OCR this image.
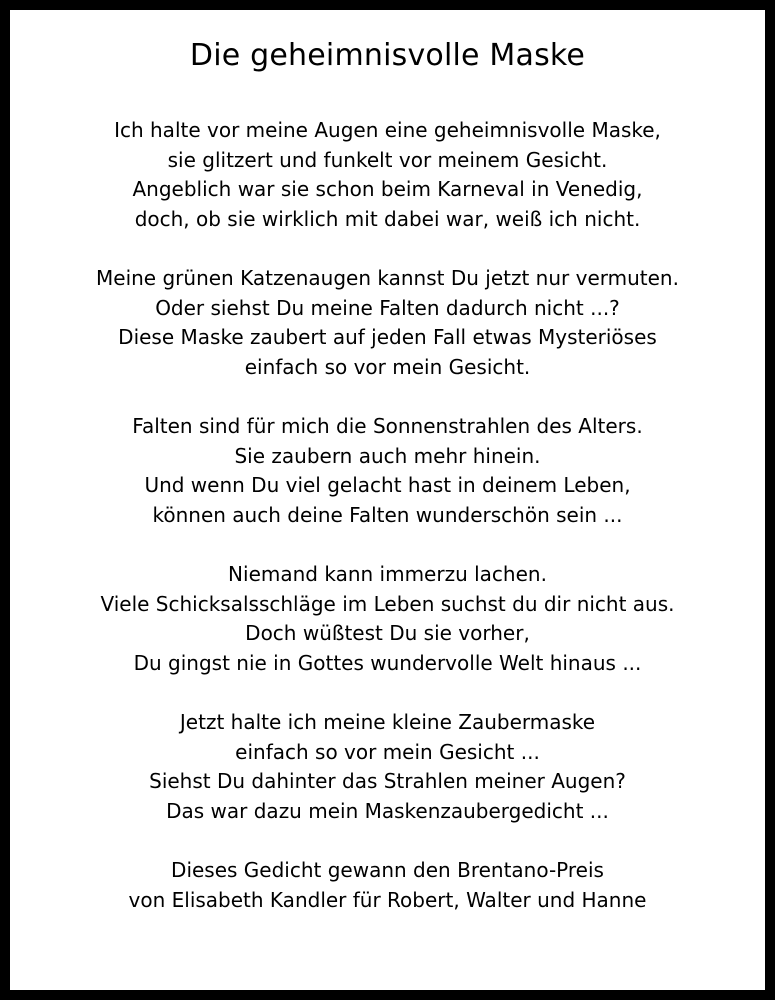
Die geheimnisvolle Maske
Ich halte vor meine Augen eine geheimnisvolle Maske,
sie glitzert und funkelt vor meinem Gesicht.
Angeblich war sie schon beim Karneval in Venedig,
doch, ob sie wirklich mit dabei war, weiß ich nicht.
Meine grünen Katzenaugen kannst Du jetzt nur vermuten.
Oder siehst Du meine Falten dadurch nicht ...?
Diese Maske zaubert auf jeden Fall etwas Mysteriöses
einfach so vor mein Gesicht.
Falten sind für mich die Sonnenstrahlen des Alters.
Sie zaubern auch mehr hinein.
Und wenn Du viel gelacht hast in deinem Leben,
können auch deine Falten wunderschön sein ...
Niemand kann immerzu lachen.
Viele Schicksalsschläge im Leben suchst du dir nicht aus.
Doch wüßtest Du sie vorher,
Du gingst nie in Gottes wundervolle Welt hinaus ...
Jetzt halte ich meine kleine Zaubermaske
einfach so vor mein Gesicht ...
Siehst Du dahinter das Strahlen meiner Augen?
Das war dazu mein Maskenzaubergedicht ...
Dieses Gedicht gewann den Brentano-Preis
von Elisabeth Kandler für Robert, Walter und Hanne
